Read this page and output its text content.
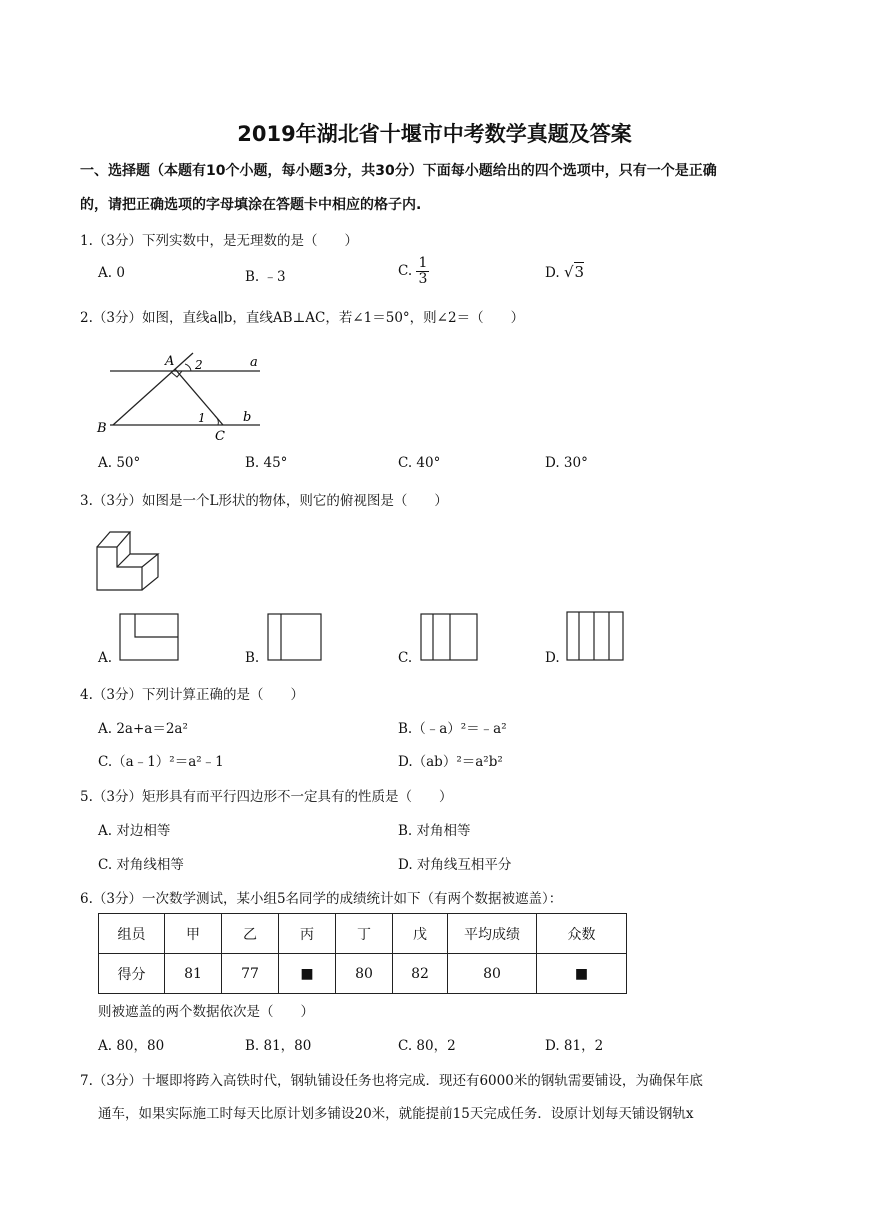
2019年湖北省十堰市中考数学真题及答案
一、选择题（本题有10个小题，每小题3分，共30分）下面每小题给出的四个选项中，只有一个是正确
的，请把正确选项的字母填涂在答题卡中相应的格子内.
1.（3分）下列实数中，是无理数的是（　　）
A. 0	B. ﹣3	C. $\frac{1}{3}$	D. √3
2.（3分）如图，直线a∥b，直线AB⊥AC，若∠1＝50°，则∠2＝（　　）
A 2	a
1	b
B
C
A. 50°	B. 45°	C. 40°	D. 30°
3.（3分）如图是一个L形状的物体，则它的俯视图是（　　）
A.	B.	C.	D.
4.（3分）下列计算正确的是（　　）
A. 2a+a＝2a²	B.（﹣a）²＝﹣a²
C.（a﹣1）²＝a²﹣1	D.（ab）²＝a²b²
5.（3分）矩形具有而平行四边形不一定具有的性质是（　　）
A. 对边相等	B. 对角相等
C. 对角线相等	D. 对角线互相平分
6.（3分）一次数学测试，某小组5名同学的成绩统计如下（有两个数据被遮盖）：
组员	甲	乙	丙	丁	戊	平均成绩	众数
得分	81	77	■	80	82	80	■
则被遮盖的两个数据依次是（　　）
A. 80，80	B. 81，80	C. 80，2	D. 81，2
7.（3分）十堰即将跨入高铁时代，钢轨铺设任务也将完成．现还有6000米的钢轨需要铺设，为确保年底
通车，如果实际施工时每天比原计划多铺设20米，就能提前15天完成任务．设原计划每天铺设钢轨x
